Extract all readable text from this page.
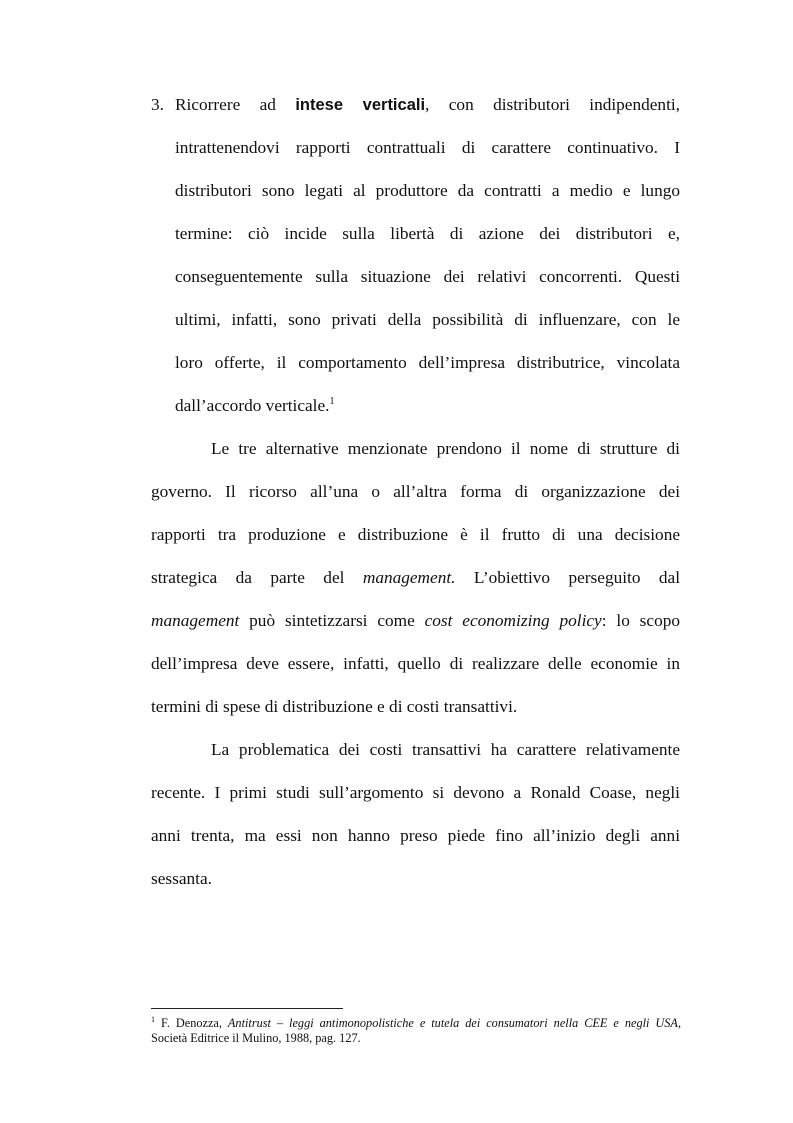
3. Ricorrere ad intese verticali, con distributori indipendenti,
intrattenendovi rapporti contrattuali di carattere continuativo. I
distributori sono legati al produttore da contratti a medio e lungo
termine: ciò incide sulla libertà di azione dei distributori e,
conseguentemente sulla situazione dei relativi concorrenti. Questi
ultimi, infatti, sono privati della possibilità di influenzare, con le
loro offerte, il comportamento dell’impresa distributrice, vincolata
dall’accordo verticale.$^1$
Le tre alternative menzionate prendono il nome di strutture di
governo. Il ricorso all’una o all’altra forma di organizzazione dei
rapporti tra produzione e distribuzione è il frutto di una decisione
strategica da parte del management. L’obiettivo perseguito dal
management può sintetizzarsi come cost economizing policy: lo scopo
dell’impresa deve essere, infatti, quello di realizzare delle economie in
termini di spese di distribuzione e di costi transattivi.
La problematica dei costi transattivi ha carattere relativamente
recente. I primi studi sull’argomento si devono a Ronald Coase, negli
anni trenta, ma essi non hanno preso piede fino all’inizio degli anni
sessanta.
$^1$ F. Denozza, Antitrust – leggi antimonopolistiche e tutela dei consumatori nella CEE e negli USA,
Società Editrice il Mulino, 1988, pag. 127.
